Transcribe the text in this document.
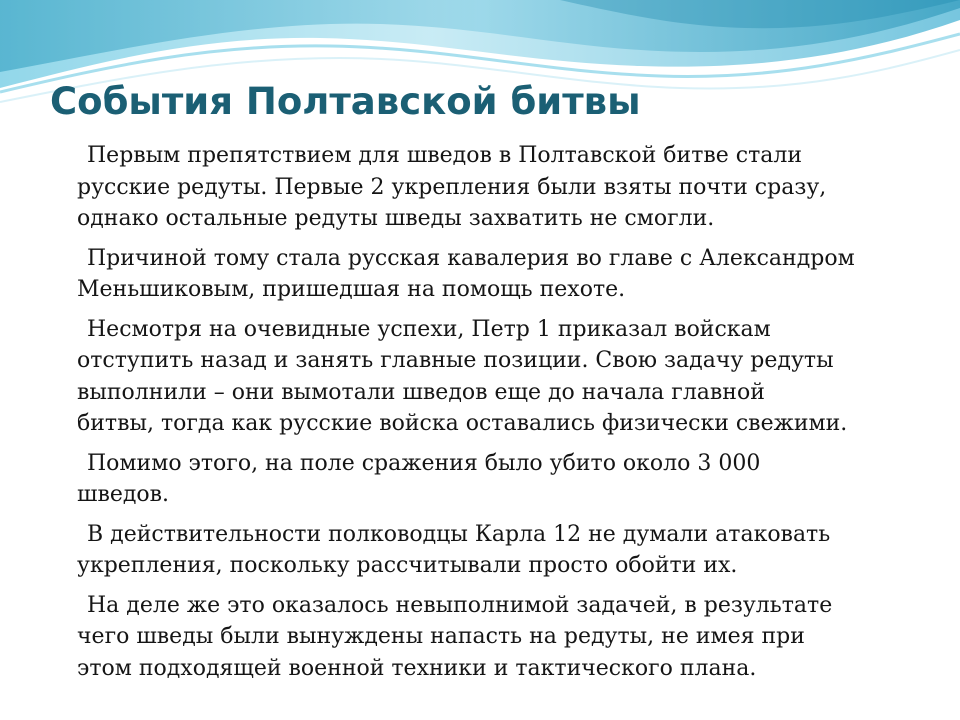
События Полтавской битвы

Первым препятствием для шведов в Полтавской битве стали
русские редуты. Первые 2 укрепления были взяты почти сразу,
однако остальные редуты шведы захватить не смогли.

Причиной тому стала русская кавалерия во главе с Александром
Меньшиковым, пришедшая на помощь пехоте.

Несмотря на очевидные успехи, Петр 1 приказал войскам
отступить назад и занять главные позиции. Свою задачу редуты
выполнили – они вымотали шведов еще до начала главной
битвы, тогда как русские войска оставались физически свежими.

Помимо этого, на поле сражения было убито около 3 000
шведов.

В действительности полководцы Карла 12 не думали атаковать
укрепления, поскольку рассчитывали просто обойти их.

На деле же это оказалось невыполнимой задачей, в результате
чего шведы были вынуждены напасть на редуты, не имея при
этом подходящей военной техники и тактического плана.
